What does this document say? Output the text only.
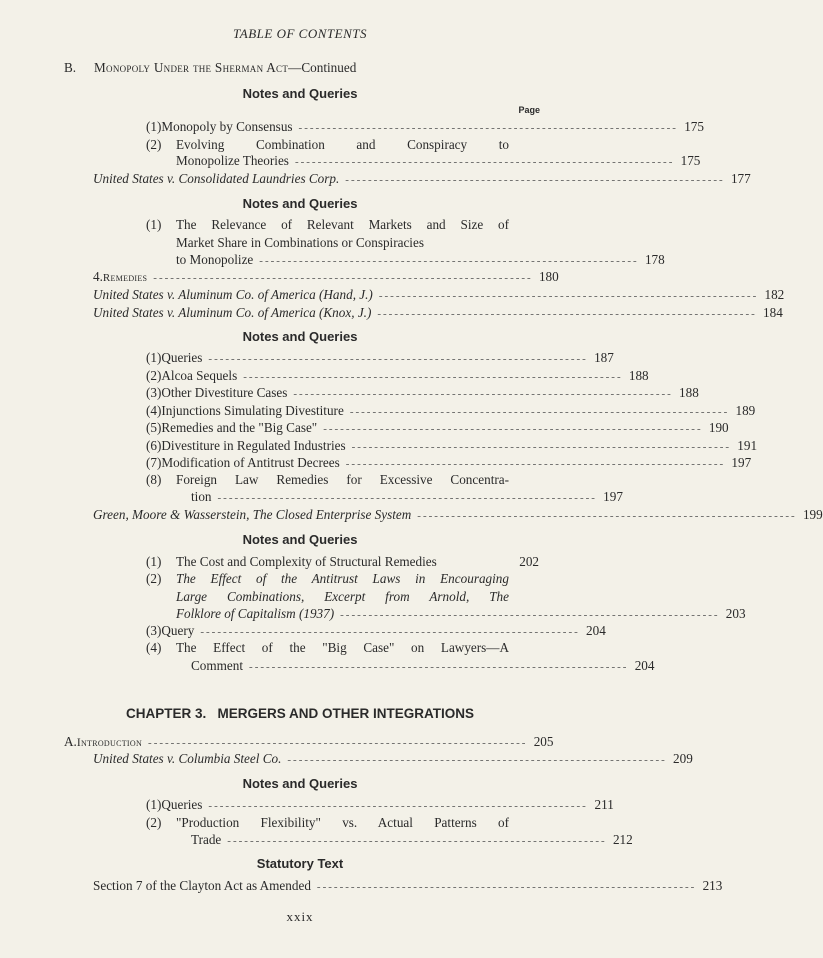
TABLE OF CONTENTS
B.	Monopoly Under the Sherman Act —Continued
Notes and Queries
Page
(1) Monopoly by Consensus ------------------------------------------------------------------- 175
(2)	Evolving Combination and Conspiracy to
Monopolize Theories ------------------------------------------------------------------- 175
United States v. Consolidated Laundries Corp. ------------------------------------------------------------------- 177
Notes and Queries
(1)	The Relevance of Relevant Markets and Size of
Market Share in Combinations or Conspiracies
to Monopolize ------------------------------------------------------------------- 178
4. Remedies ------------------------------------------------------------------- 180
United States v. Aluminum Co. of America (Hand, J.) ------------------------------------------------------------------- 182
United States v. Aluminum Co. of America (Knox, J.) ------------------------------------------------------------------- 184
Notes and Queries
(1) Queries ------------------------------------------------------------------- 187
(2) Alcoa Sequels ------------------------------------------------------------------- 188
(3) Other Divestiture Cases ------------------------------------------------------------------- 188
(4) Injunctions Simulating Divestiture ------------------------------------------------------------------- 189
(5) Remedies and the "Big Case" ------------------------------------------------------------------- 190
(6) Divestiture in Regulated Industries ------------------------------------------------------------------- 191
(7) Modification of Antitrust Decrees ------------------------------------------------------------------- 197
(8)	Foreign Law Remedies for Excessive Concentra-
tion ------------------------------------------------------------------- 197
Green, Moore & Wasserstein, The Closed Enterprise System ------------------------------------------------------------------- 199
Notes and Queries
(1)	The Cost and Complexity of Structural Remedies	202
(2)	The Effect of the Antitrust Laws in Encouraging
Large Combinations, Excerpt from Arnold, The
Folklore of Capitalism (1937) ------------------------------------------------------------------- 203
(3) Query ------------------------------------------------------------------- 204
(4)	The Effect of the "Big Case" on Lawyers—A
Comment ------------------------------------------------------------------- 204
CHAPTER 3.   MERGERS AND OTHER INTEGRATIONS
A. Introduction ------------------------------------------------------------------- 205
United States v. Columbia Steel Co. ------------------------------------------------------------------- 209
Notes and Queries
(1) Queries ------------------------------------------------------------------- 211
(2)	"Production Flexibility" vs. Actual Patterns of
Trade ------------------------------------------------------------------- 212
Statutory Text
Section 7 of the Clayton Act as Amended ------------------------------------------------------------------- 213
xxix
